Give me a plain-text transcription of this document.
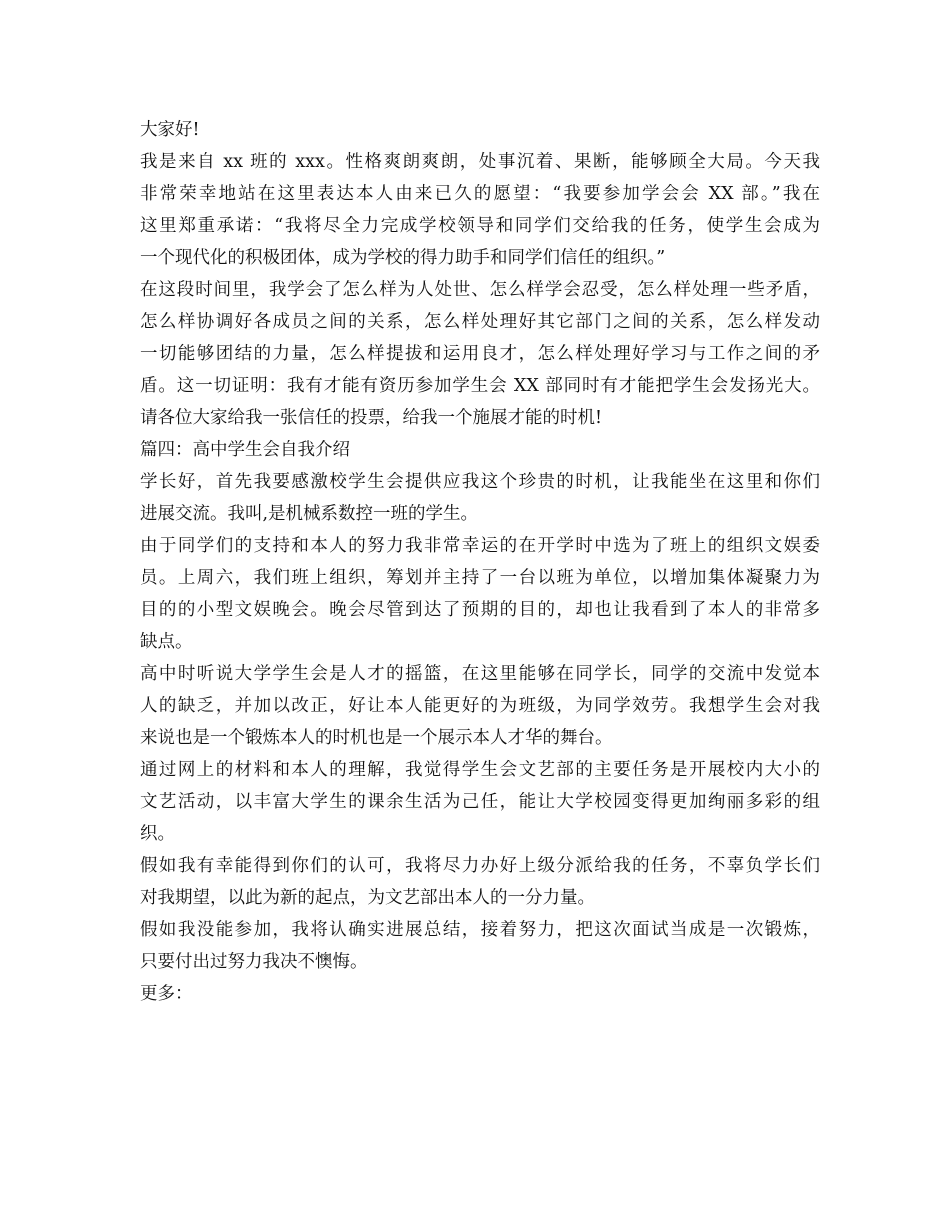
大家好!
我是来自 xx 班的 xxx。性格爽朗爽朗，处事沉着、果断，能够顾全大局。今天我
非常荣幸地站在这里表达本人由来已久的愿望：“我要参加学会会 XX 部。”我在
这里郑重承诺：“我将尽全力完成学校领导和同学们交给我的任务，使学生会成为
一个现代化的积极团体，成为学校的得力助手和同学们信任的组织。”
在这段时间里，我学会了怎么样为人处世、怎么样学会忍受，怎么样处理一些矛盾，
怎么样协调好各成员之间的关系，怎么样处理好其它部门之间的关系，怎么样发动
一切能够团结的力量，怎么样提拔和运用良才，怎么样处理好学习与工作之间的矛
盾。这一切证明：我有才能有资历参加学生会 XX 部同时有才能把学生会发扬光大。
请各位大家给我一张信任的投票，给我一个施展才能的时机!
篇四：高中学生会自我介绍
学长好，首先我要感激校学生会提供应我这个珍贵的时机，让我能坐在这里和你们
进展交流。我叫,是机械系数控一班的学生。
由于同学们的支持和本人的努力我非常幸运的在开学时中选为了班上的组织文娱委
员。上周六，我们班上组织，筹划并主持了一台以班为单位，以增加集体凝聚力为
目的的小型文娱晚会。晚会尽管到达了预期的目的，却也让我看到了本人的非常多
缺点。
高中时听说大学学生会是人才的摇篮，在这里能够在同学长，同学的交流中发觉本
人的缺乏，并加以改正，好让本人能更好的为班级，为同学效劳。我想学生会对我
来说也是一个锻炼本人的时机也是一个展示本人才华的舞台。
通过网上的材料和本人的理解，我觉得学生会文艺部的主要任务是开展校内大小的
文艺活动，以丰富大学生的课余生活为己任，能让大学校园变得更加绚丽多彩的组
织。
假如我有幸能得到你们的认可，我将尽力办好上级分派给我的任务，不辜负学长们
对我期望，以此为新的起点，为文艺部出本人的一分力量。
假如我没能参加，我将认确实进展总结，接着努力，把这次面试当成是一次锻炼，
只要付出过努力我决不懊悔。
更多：
